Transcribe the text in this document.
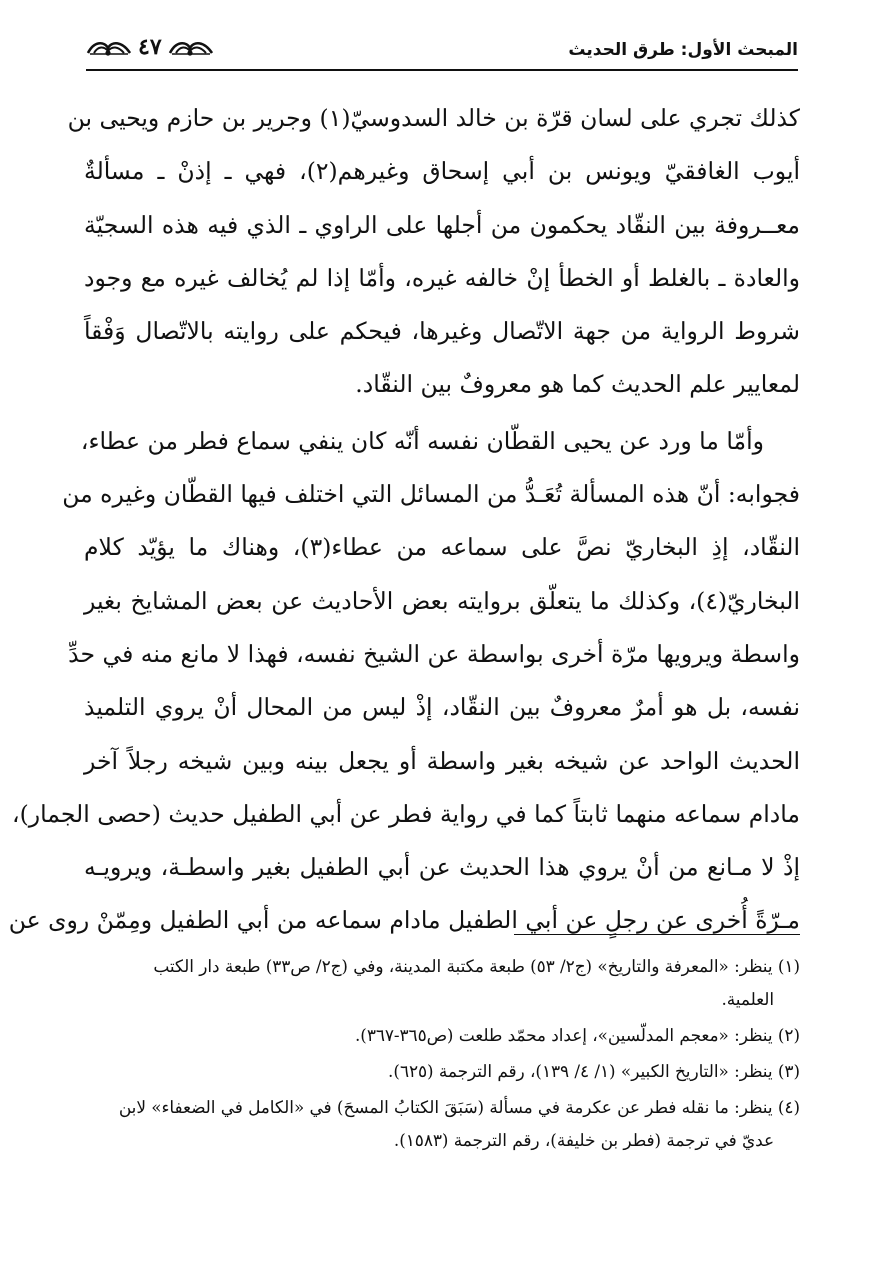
المبحث الأول: طرق الحديث
٤٧

كذلك تجري على لسان قرّة بن خالد السدوسيّ(١) وجرير بن حازم ويحيى بن
أيوب الغافقيّ ويونس بن أبي إسحاق وغيرهم(٢)، فهي ـ إذنْ ـ مسألةٌ
معــروفة بين النقّاد يحكمون من أجلها على الراوي ـ الذي فيه هذه السجيّة
والعادة ـ بالغلط أو الخطأ إنْ خالفه غيره، وأمّا إذا لم يُخالف غيره مع وجود
شروط الرواية من جهة الاتّصال وغيرها، فيحكم على روايته بالاتّصال وَفْقاً
لمعايير علم الحديث كما هو معروفٌ بين النقّاد.

وأمّا ما ورد عن يحيى القطّان نفسه أنّه كان ينفي سماع فطر من عطاء،
فجوابه: أنّ هذه المسألة تُعَـدُّ من المسائل التي اختلف فيها القطّان وغيره من
النقّاد، إذِ البخاريّ نصَّ على سماعه من عطاء(٣)، وهناك ما يؤيّد كلام
البخاريّ(٤)، وكذلك ما يتعلّق بروايته بعض الأحاديث عن بعض المشايخ بغير
واسطة ويرويها مرّة أخرى بواسطة عن الشيخ نفسه، فهذا لا مانع منه في حدِّ
نفسه، بل هو أمرٌ معروفٌ بين النقّاد، إذْ ليس من المحال أنْ يروي التلميذ
الحديث الواحد عن شيخه بغير واسطة أو يجعل بينه وبين شيخه رجلاً آخر
مادام سماعه منهما ثابتاً كما في رواية فطر عن أبي الطفيل حديث (حصى الجمار)،
إذْ لا مـانع من أنْ يروي هذا الحديث عن أبي الطفيل بغير واسطـة، ويرويـه
مـرّةً أُخرى عن رجلٍ عن أبي الطفيل مادام سماعه من أبي الطفيل ومِمّنْ روى عن

(١) ينظر: «المعرفة والتاريخ» (ج٢/ ٥٣) طبعة مكتبة المدينة، وفي (ج٢/ ص٣٣) طبعة دار الكتب
العلمية.

(٢) ينظر: «معجم المدلّسين»، إعداد محمّد طلعت (ص٣٦٥-٣٦٧).

(٣) ينظر: «التاريخ الكبير» (١/ ٤/ ١٣٩)، رقم الترجمة (٦٢٥).

(٤) ينظر: ما نقله فطر عن عكرمة في مسألة (سَبَقَ الكتابُ المسحَ) في «الكامل في الضعفاء» لابن
عديّ في ترجمة (فطر بن خليفة)، رقم الترجمة (١٥٨٣).
